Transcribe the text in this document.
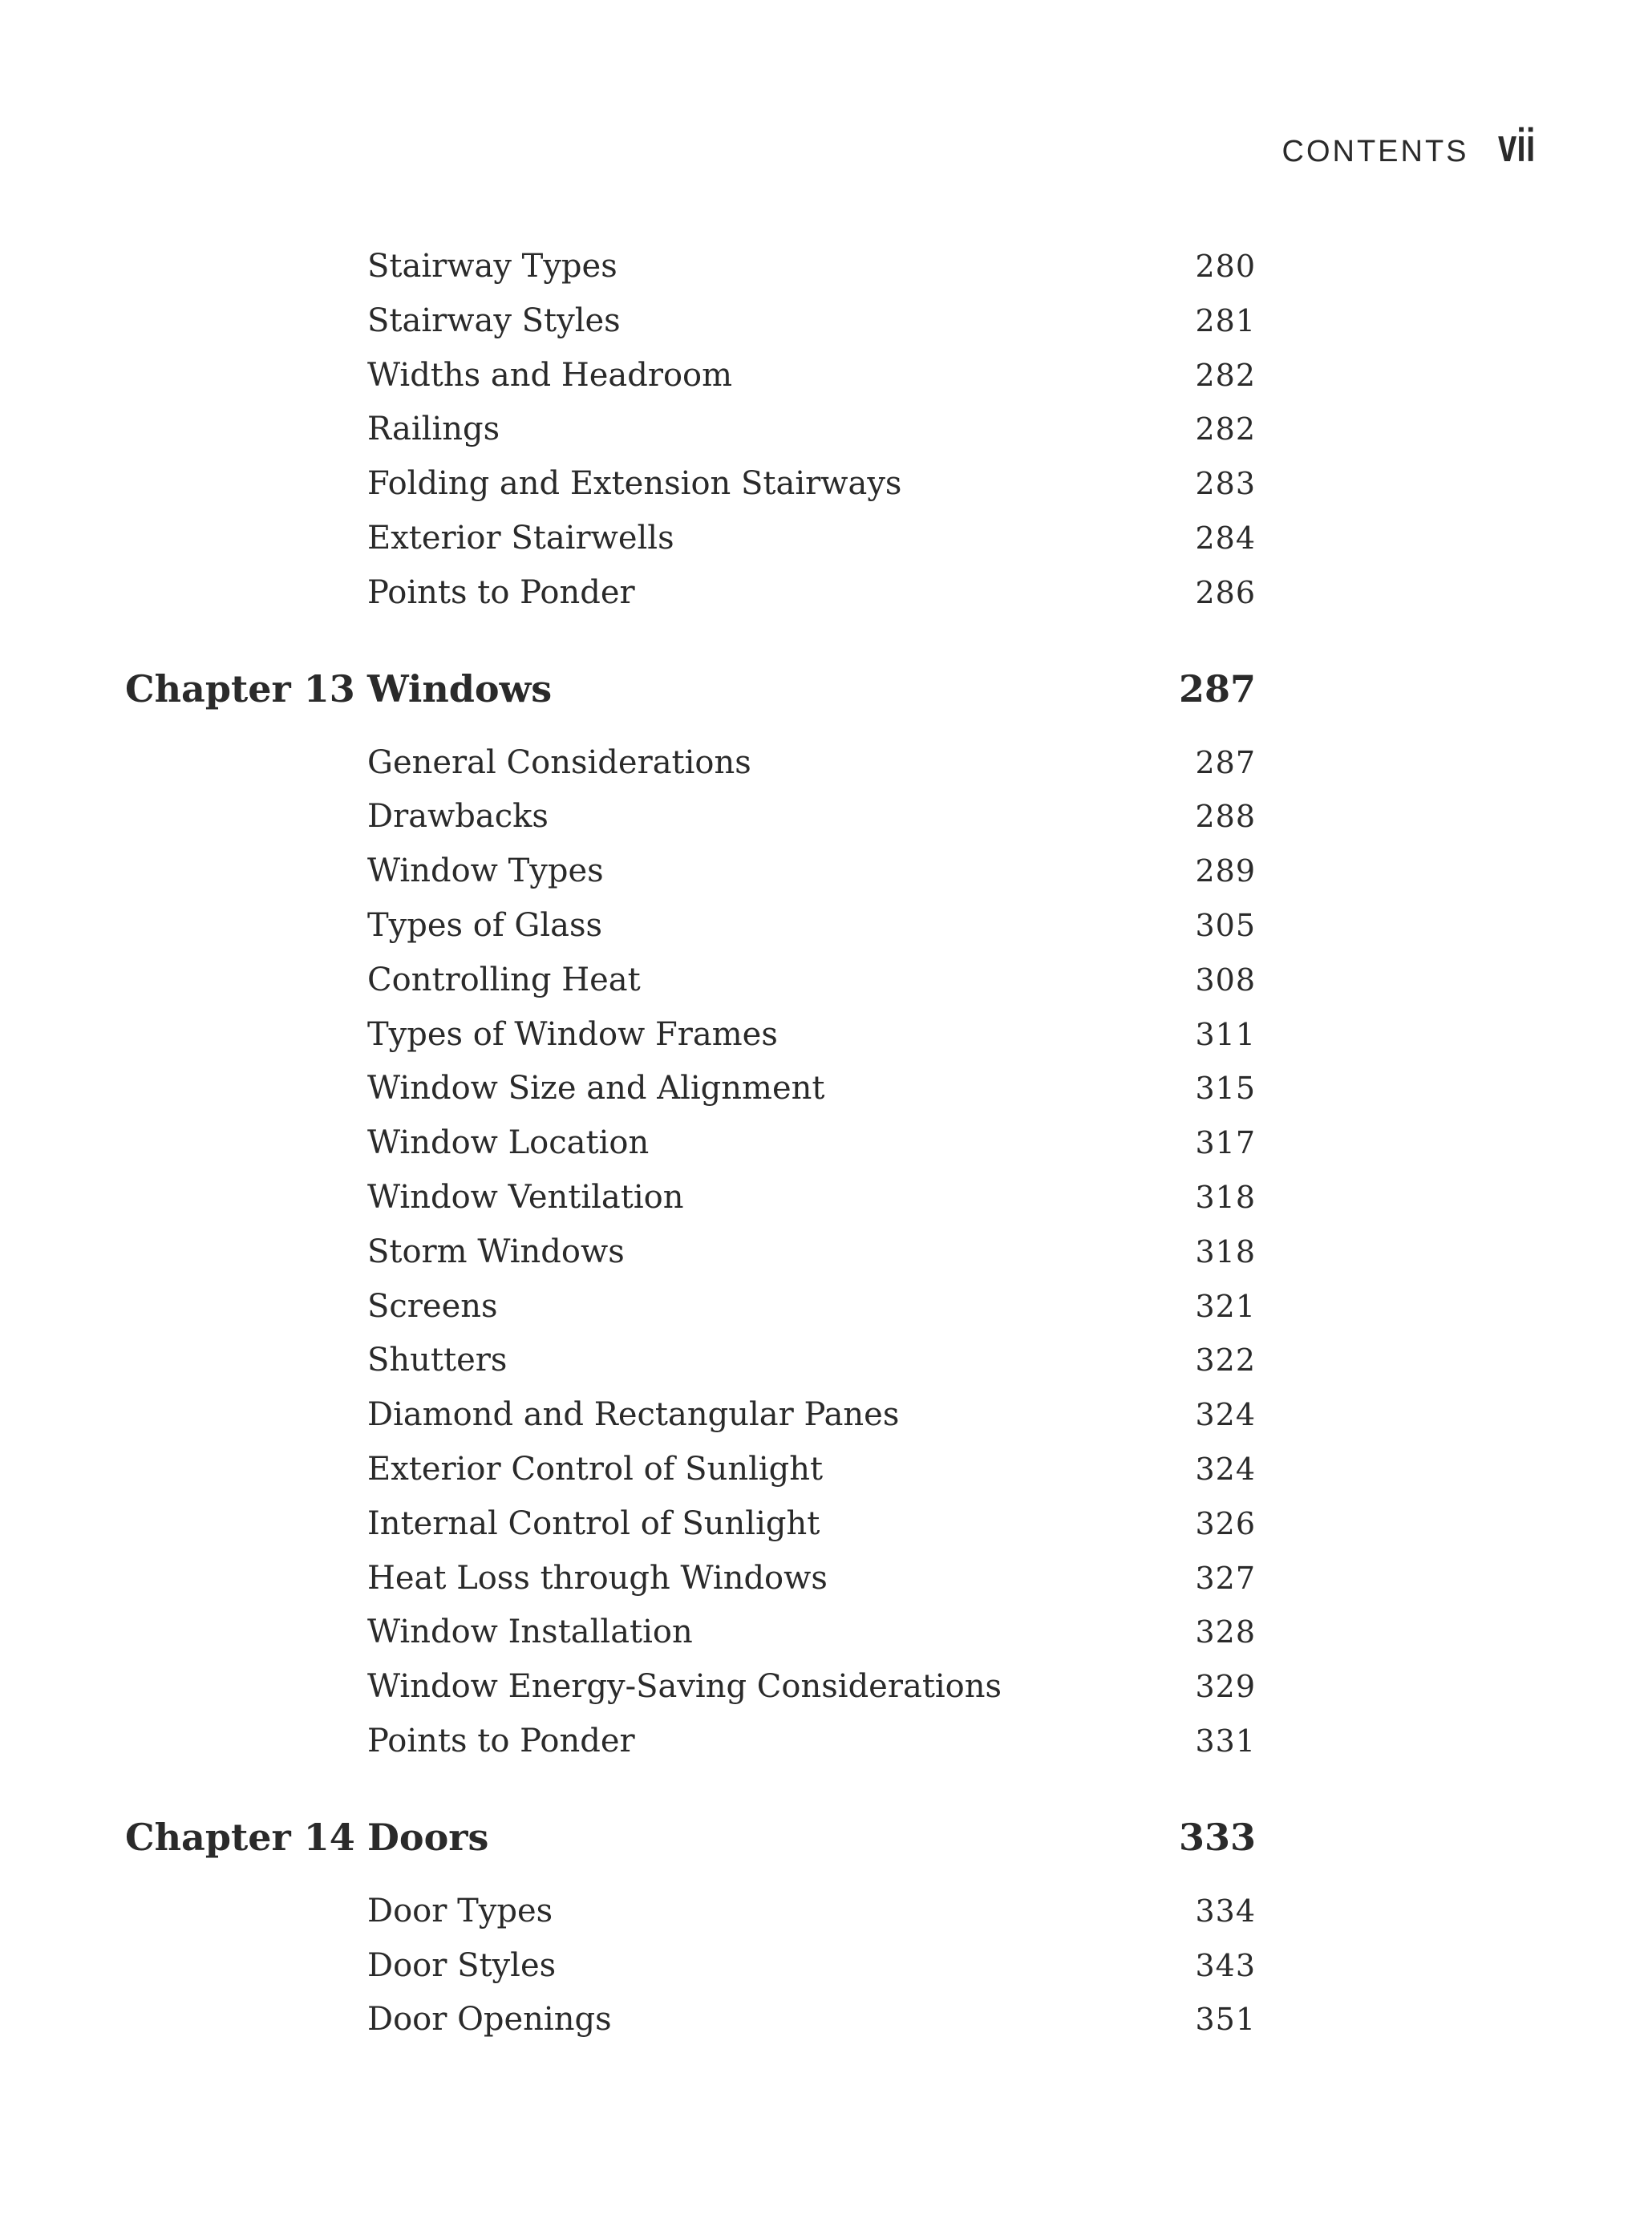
CONTENTS vii
Stairway Types	280
Stairway Styles	281
Widths and Headroom	282
Railings	282
Folding and Extension Stairways	283
Exterior Stairwells	284
Points to Ponder	286
Chapter 13 Windows	287
General Considerations	287
Drawbacks	288
Window Types	289
Types of Glass	305
Controlling Heat	308
Types of Window Frames	311
Window Size and Alignment	315
Window Location	317
Window Ventilation	318
Storm Windows	318
Screens	321
Shutters	322
Diamond and Rectangular Panes	324
Exterior Control of Sunlight	324
Internal Control of Sunlight	326
Heat Loss through Windows	327
Window Installation	328
Window Energy-Saving Considerations	329
Points to Ponder	331
Chapter 14 Doors	333
Door Types	334
Door Styles	343
Door Openings	351
